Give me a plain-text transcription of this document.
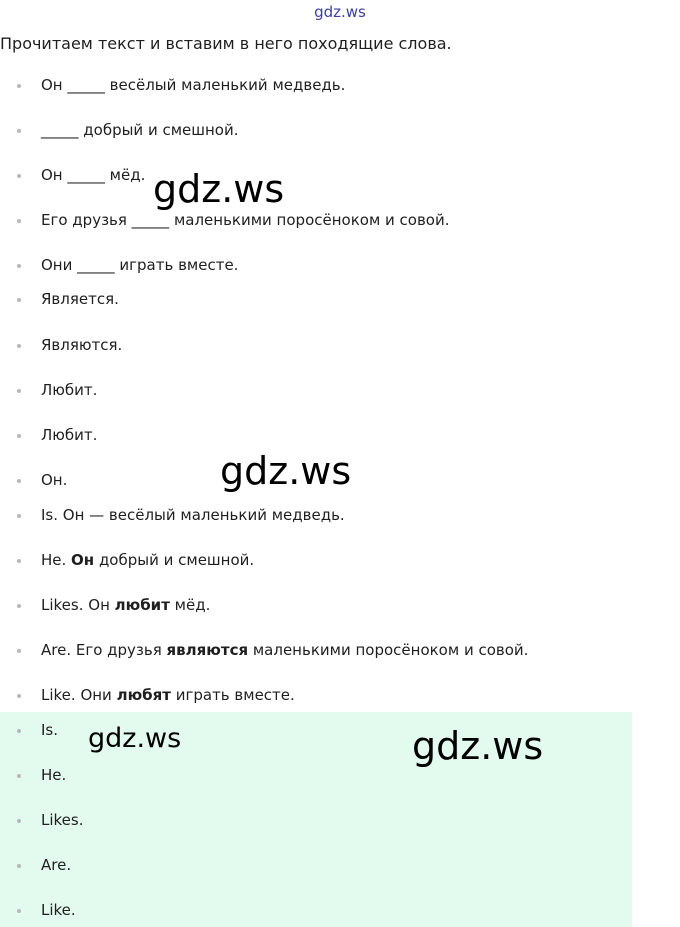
gdz.ws
Прочитаем текст и вставим в него походящие слова.
Он _____ весёлый маленький медведь.
_____ добрый и смешной.
Он _____ мёд.
Его друзья _____ маленькими поросёноком и совой.
Они _____ играть вместе.
Является.
Являются.
Любит.
Любит.
Он.
Is. Он — весёлый маленький медведь.
He. Он добрый и смешной.
Likes. Он любит мёд.
Are. Его друзья являются маленькими поросёноком и совой.
Like. Они любят играть вместе.
Is.
He.
Likes.
Are.
Like.
gdz.ws
gdz.ws
gdz.ws	gdz.ws
